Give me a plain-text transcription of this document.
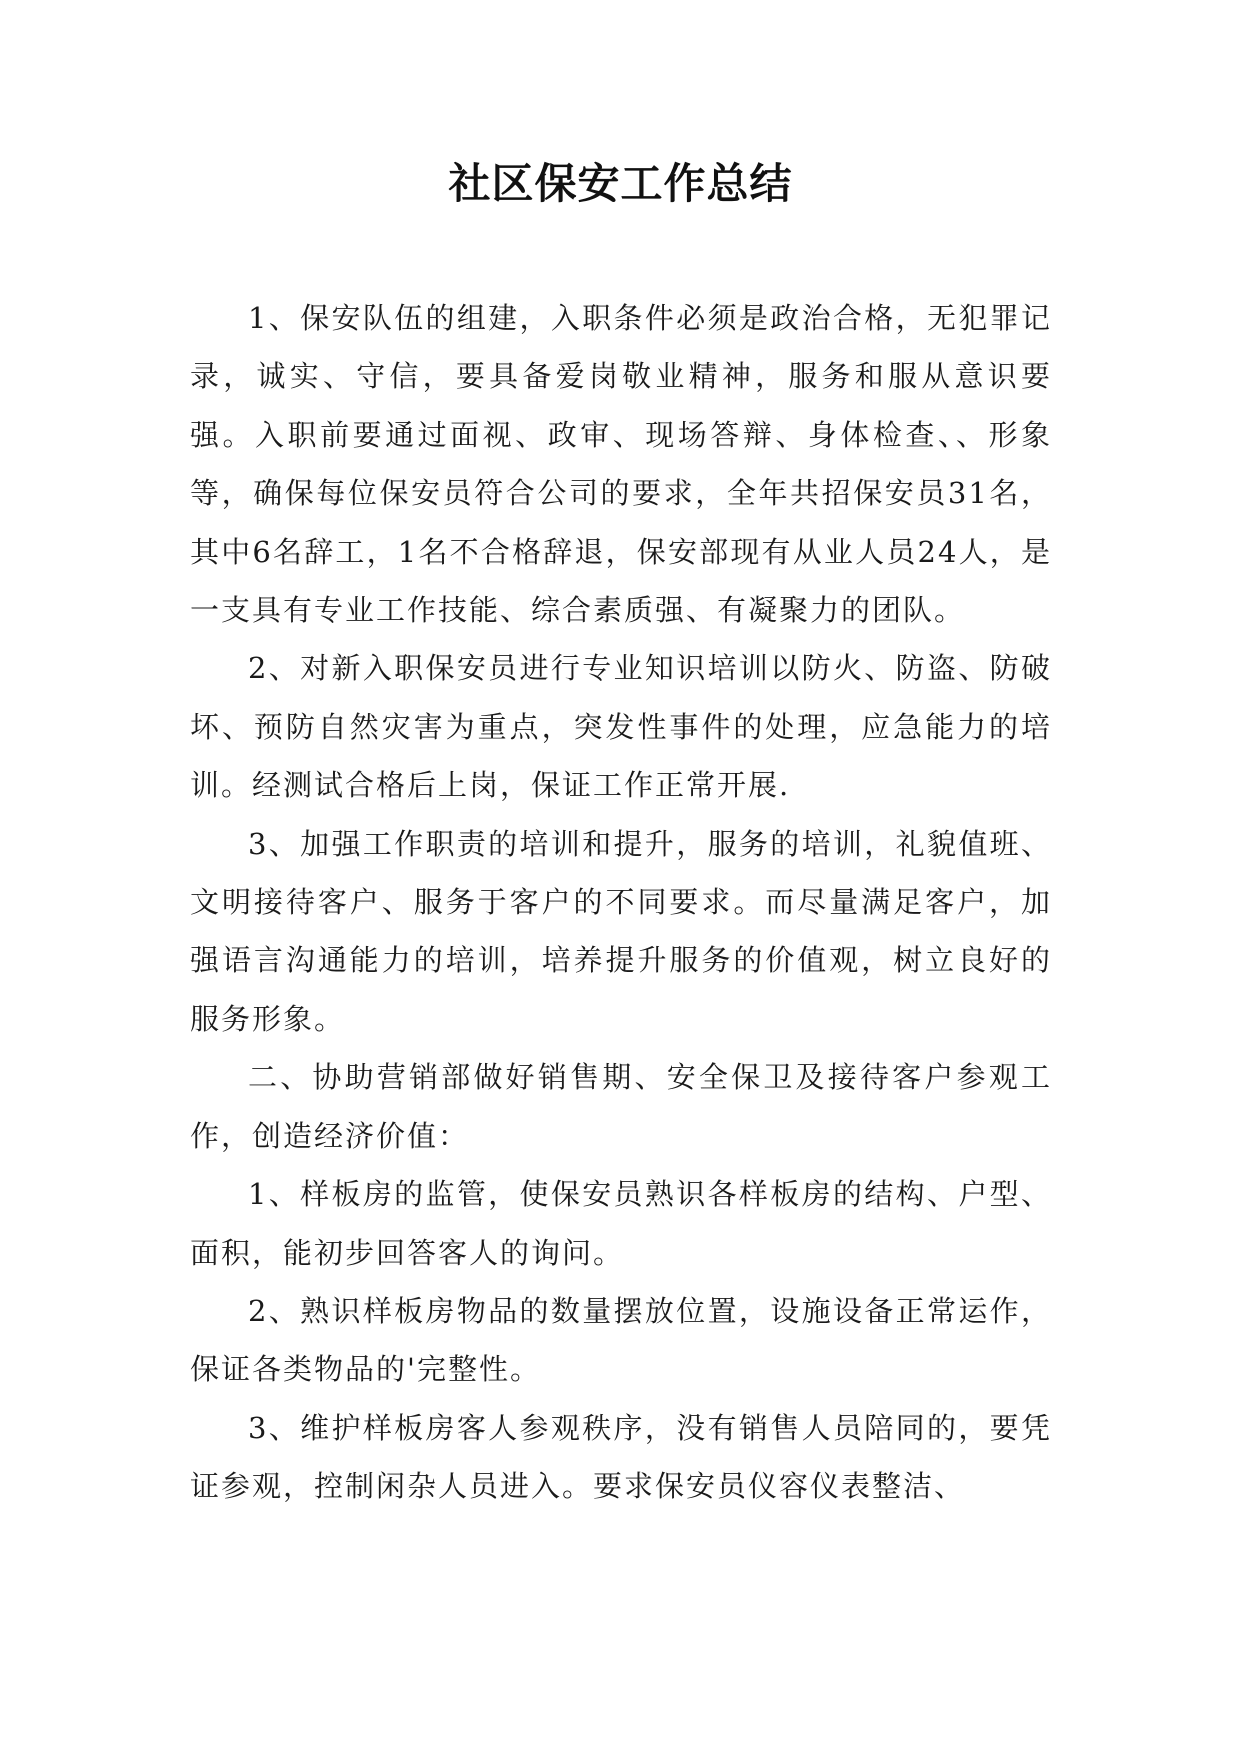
社区保安工作总结

1、保安队伍的组建，入职条件必须是政治合格，无犯罪记录，诚实、守信，要具备爱岗敬业精神，服务和服从意识要强。入职前要通过面视、政审、现场答辩、身体检查、、形象等，确保每位保安员符合公司的要求，全年共招保安员31名，其中6名辞工，1名不合格辞退，保安部现有从业人员24人，是一支具有专业工作技能、综合素质强、有凝聚力的团队。

2、对新入职保安员进行专业知识培训以防火、防盗、防破坏、预防自然灾害为重点，突发性事件的处理，应急能力的培训。经测试合格后上岗，保证工作正常开展.

3、加强工作职责的培训和提升，服务的培训，礼貌值班、文明接待客户、服务于客户的不同要求。而尽量满足客户，加强语言沟通能力的培训，培养提升服务的价值观，树立良好的服务形象。

二、协助营销部做好销售期、安全保卫及接待客户参观工作，创造经济价值：

1、样板房的监管，使保安员熟识各样板房的结构、户型、面积，能初步回答客人的询问。

2、熟识样板房物品的数量摆放位置，设施设备正常运作，保证各类物品的'完整性。

3、维护样板房客人参观秩序，没有销售人员陪同的，要凭证参观，控制闲杂人员进入。要求保安员仪容仪表整洁、
